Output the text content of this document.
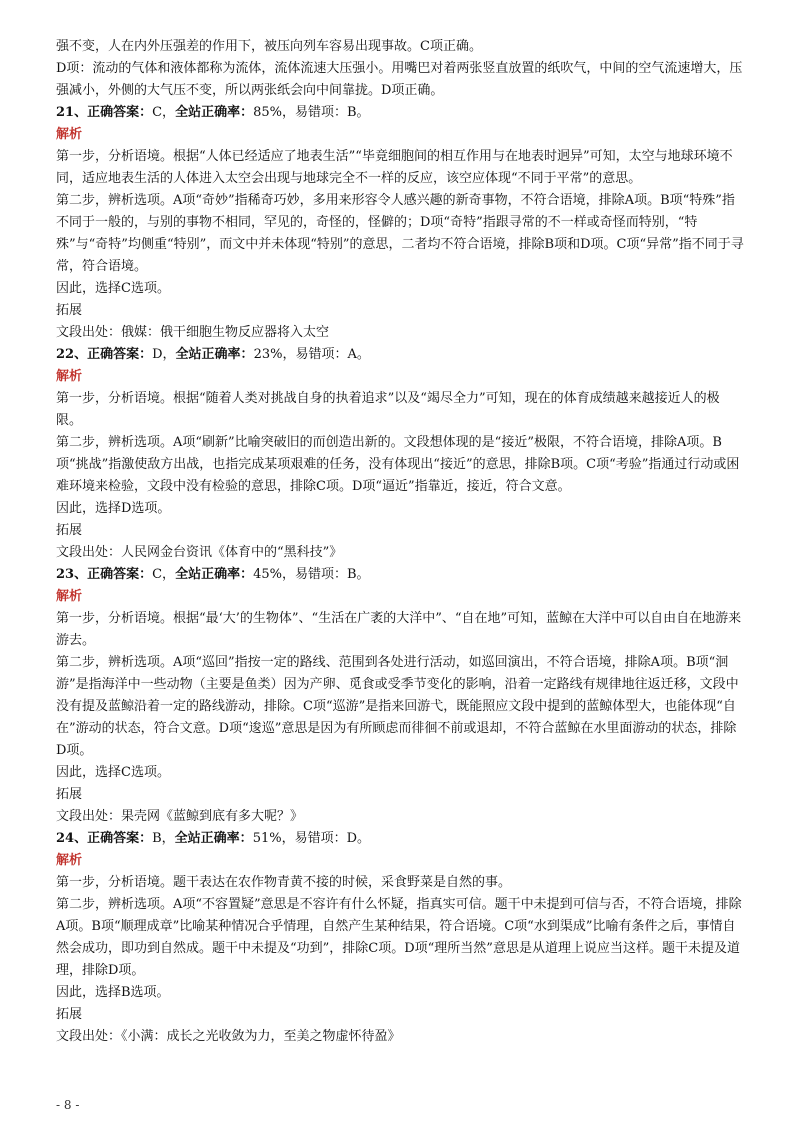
强不变，人在内外压强差的作用下，被压向列车容易出现事故。C项正确。

D项：流动的气体和液体都称为流体，流体流速大压强小。用嘴巴对着两张竖直放置的纸吹气，中间的空气流速增大，压强减小，外侧的大气压不变，所以两张纸会向中间靠拢。D项正确。

21、正确答案：C，全站正确率：85%，易错项：B。

解析

第一步，分析语境。根据“人体已经适应了地表生活”“毕竟细胞间的相互作用与在地表时迥异”可知，太空与地球环境不同，适应地表生活的人体进入太空会出现与地球完全不一样的反应，该空应体现“不同于平常”的意思。

第二步，辨析选项。A项“奇妙”指稀奇巧妙，多用来形容令人感兴趣的新奇事物，不符合语境，排除A项。B项“特殊”指不同于一般的，与别的事物不相同，罕见的，奇怪的，怪僻的；D项“奇特”指跟寻常的不一样或奇怪而特别，“特殊”与“奇特”均侧重“特别”，而文中并未体现“特别”的意思，二者均不符合语境，排除B项和D项。C项“异常”指不同于寻常，符合语境。

因此，选择C选项。

拓展

文段出处：俄媒：俄干细胞生物反应器将入太空

22、正确答案：D，全站正确率：23%，易错项：A。

解析

第一步，分析语境。根据“随着人类对挑战自身的执着追求”以及“竭尽全力”可知，现在的体育成绩越来越接近人的极限。

第二步，辨析选项。A项“刷新”比喻突破旧的而创造出新的。文段想体现的是“接近”极限，不符合语境，排除A项。B项“挑战”指激使敌方出战，也指完成某项艰难的任务，没有体现出“接近”的意思，排除B项。C项“考验”指通过行动或困难环境来检验，文段中没有检验的意思，排除C项。D项“逼近”指靠近，接近，符合文意。

因此，选择D选项。

拓展

文段出处：人民网金台资讯《体育中的“黑科技”》

23、正确答案：C，全站正确率：45%，易错项：B。

解析

第一步，分析语境。根据“最‘大’的生物体”、“生活在广袤的大洋中”、“自在地”可知，蓝鲸在大洋中可以自由自在地游来游去。

第二步，辨析选项。A项“巡回”指按一定的路线、范围到各处进行活动，如巡回演出，不符合语境，排除A项。B项“洄游”是指海洋中一些动物（主要是鱼类）因为产卵、觅食或受季节变化的影响，沿着一定路线有规律地往返迁移，文段中没有提及蓝鲸沿着一定的路线游动，排除。C项“巡游”是指来回游弋，既能照应文段中提到的蓝鲸体型大，也能体现“自在”游动的状态，符合文意。D项“逡巡”意思是因为有所顾虑而徘徊不前或退却，不符合蓝鲸在水里面游动的状态，排除D项。

因此，选择C选项。

拓展

文段出处：果壳网《蓝鲸到底有多大呢？》

24、正确答案：B，全站正确率：51%，易错项：D。

解析

第一步，分析语境。题干表达在农作物青黄不接的时候，采食野菜是自然的事。

第二步，辨析选项。A项“不容置疑”意思是不容许有什么怀疑，指真实可信。题干中未提到可信与否，不符合语境，排除A项。B项“顺理成章”比喻某种情况合乎情理，自然产生某种结果，符合语境。C项“水到渠成”比喻有条件之后，事情自然会成功，即功到自然成。题干中未提及“功到”，排除C项。D项“理所当然”意思是从道理上说应当这样。题干未提及道理，排除D项。

因此，选择B选项。

拓展

文段出处：《小满：成长之光收敛为力，至美之物虚怀待盈》

- 8 -
